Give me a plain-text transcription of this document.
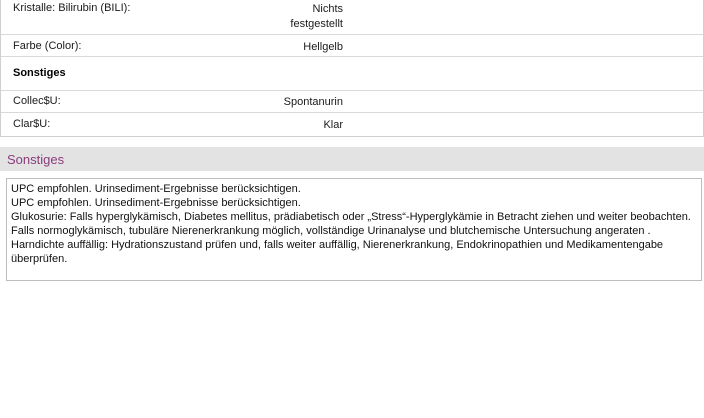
Kristalle: Bilirubin (BILI):	Nichts
festgestellt
Farbe (Color):	Hellgelb
Sonstiges
Collec$U:	Spontanurin
Clar$U:	Klar
Sonstiges
UPC empfohlen. Urinsediment-Ergebnisse berücksichtigen.
UPC empfohlen. Urinsediment-Ergebnisse berücksichtigen.
Glukosurie: Falls hyperglykämisch, Diabetes mellitus, prädiabetisch oder „Stress“-Hyperglykämie in Betracht ziehen und weiter beobachten. Falls normoglykämisch, tubuläre Nierenerkrankung möglich, vollständige Urinanalyse und blutchemische Untersuchung angeraten .
Harndichte auffällig: Hydrationszustand prüfen und, falls weiter auffällig, Nierenerkrankung, Endokrinopathien und Medikamentengabe überprüfen.
